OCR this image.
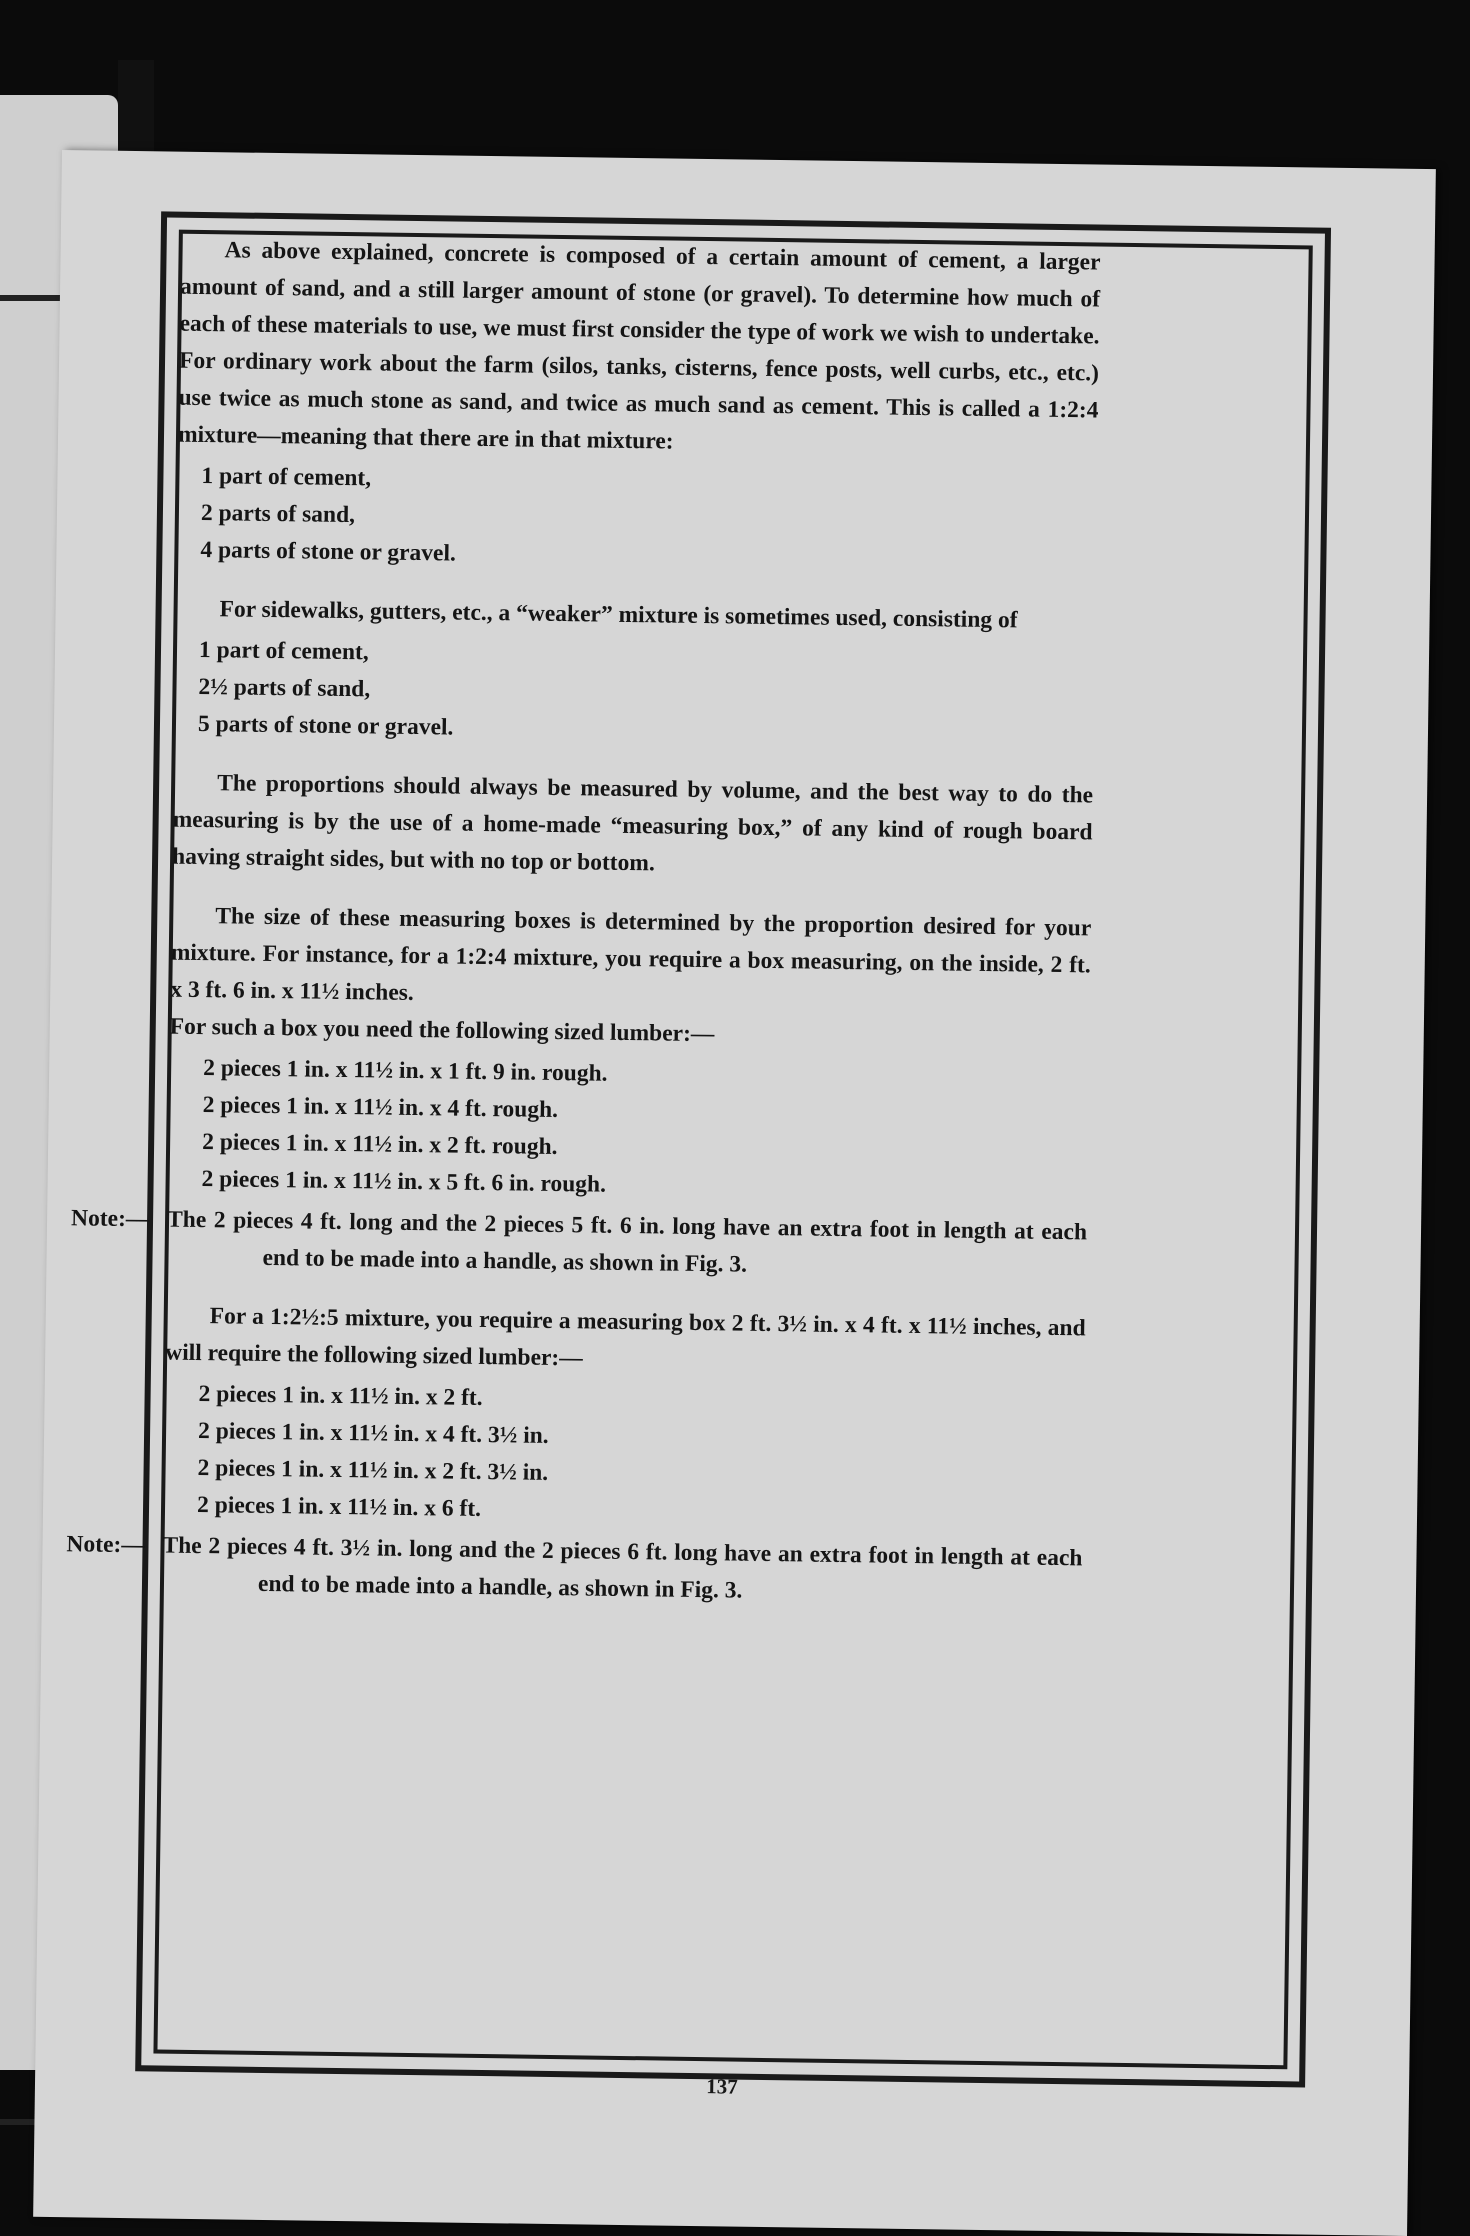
As above explained, concrete is composed of a certain amount of cement, a larger amount of sand, and a still larger amount of stone (or gravel). To determine how much of each of these materials to use, we must first consider the type of work we wish to undertake. For ordinary work about the farm (silos, tanks, cisterns, fence posts, well curbs, etc., etc.) use twice as much stone as sand, and twice as much sand as cement. This is called a 1:2:4 mixture—meaning that there are in that mixture:

1 part of cement,
2 parts of sand,
4 parts of stone or gravel.

For sidewalks, gutters, etc., a “weaker” mixture is sometimes used, consisting of

1 part of cement,
2½ parts of sand,
5 parts of stone or gravel.

The proportions should always be measured by volume, and the best way to do the measuring is by the use of a home-made “measuring box,” of any kind of rough board having straight sides, but with no top or bottom.

The size of these measuring boxes is determined by the proportion desired for your mixture. For instance, for a 1:2:4 mixture, you require a box measuring, on the inside, 2 ft. x 3 ft. 6 in. x 11½ inches.

For such a box you need the following sized lumber:—

2 pieces 1 in. x 11½ in. x 1 ft. 9 in. rough.
2 pieces 1 in. x 11½ in. x 4 ft. rough.
2 pieces 1 in. x 11½ in. x 2 ft. rough.
2 pieces 1 in. x 11½ in. x 5 ft. 6 in. rough.

Note:— The 2 pieces 4 ft. long and the 2 pieces 5 ft. 6 in. long have an extra foot in length at each end to be made into a handle, as shown in Fig. 3.

For a 1:2½:5 mixture, you require a measuring box 2 ft. 3½ in. x 4 ft. x 11½ inches, and will require the following sized lumber:—

2 pieces 1 in. x 11½ in. x 2 ft.
2 pieces 1 in. x 11½ in. x 4 ft. 3½ in.
2 pieces 1 in. x 11½ in. x 2 ft. 3½ in.
2 pieces 1 in. x 11½ in. x 6 ft.

Note:— The 2 pieces 4 ft. 3½ in. long and the 2 pieces 6 ft. long have an extra foot in length at each end to be made into a handle, as shown in Fig. 3.

137
